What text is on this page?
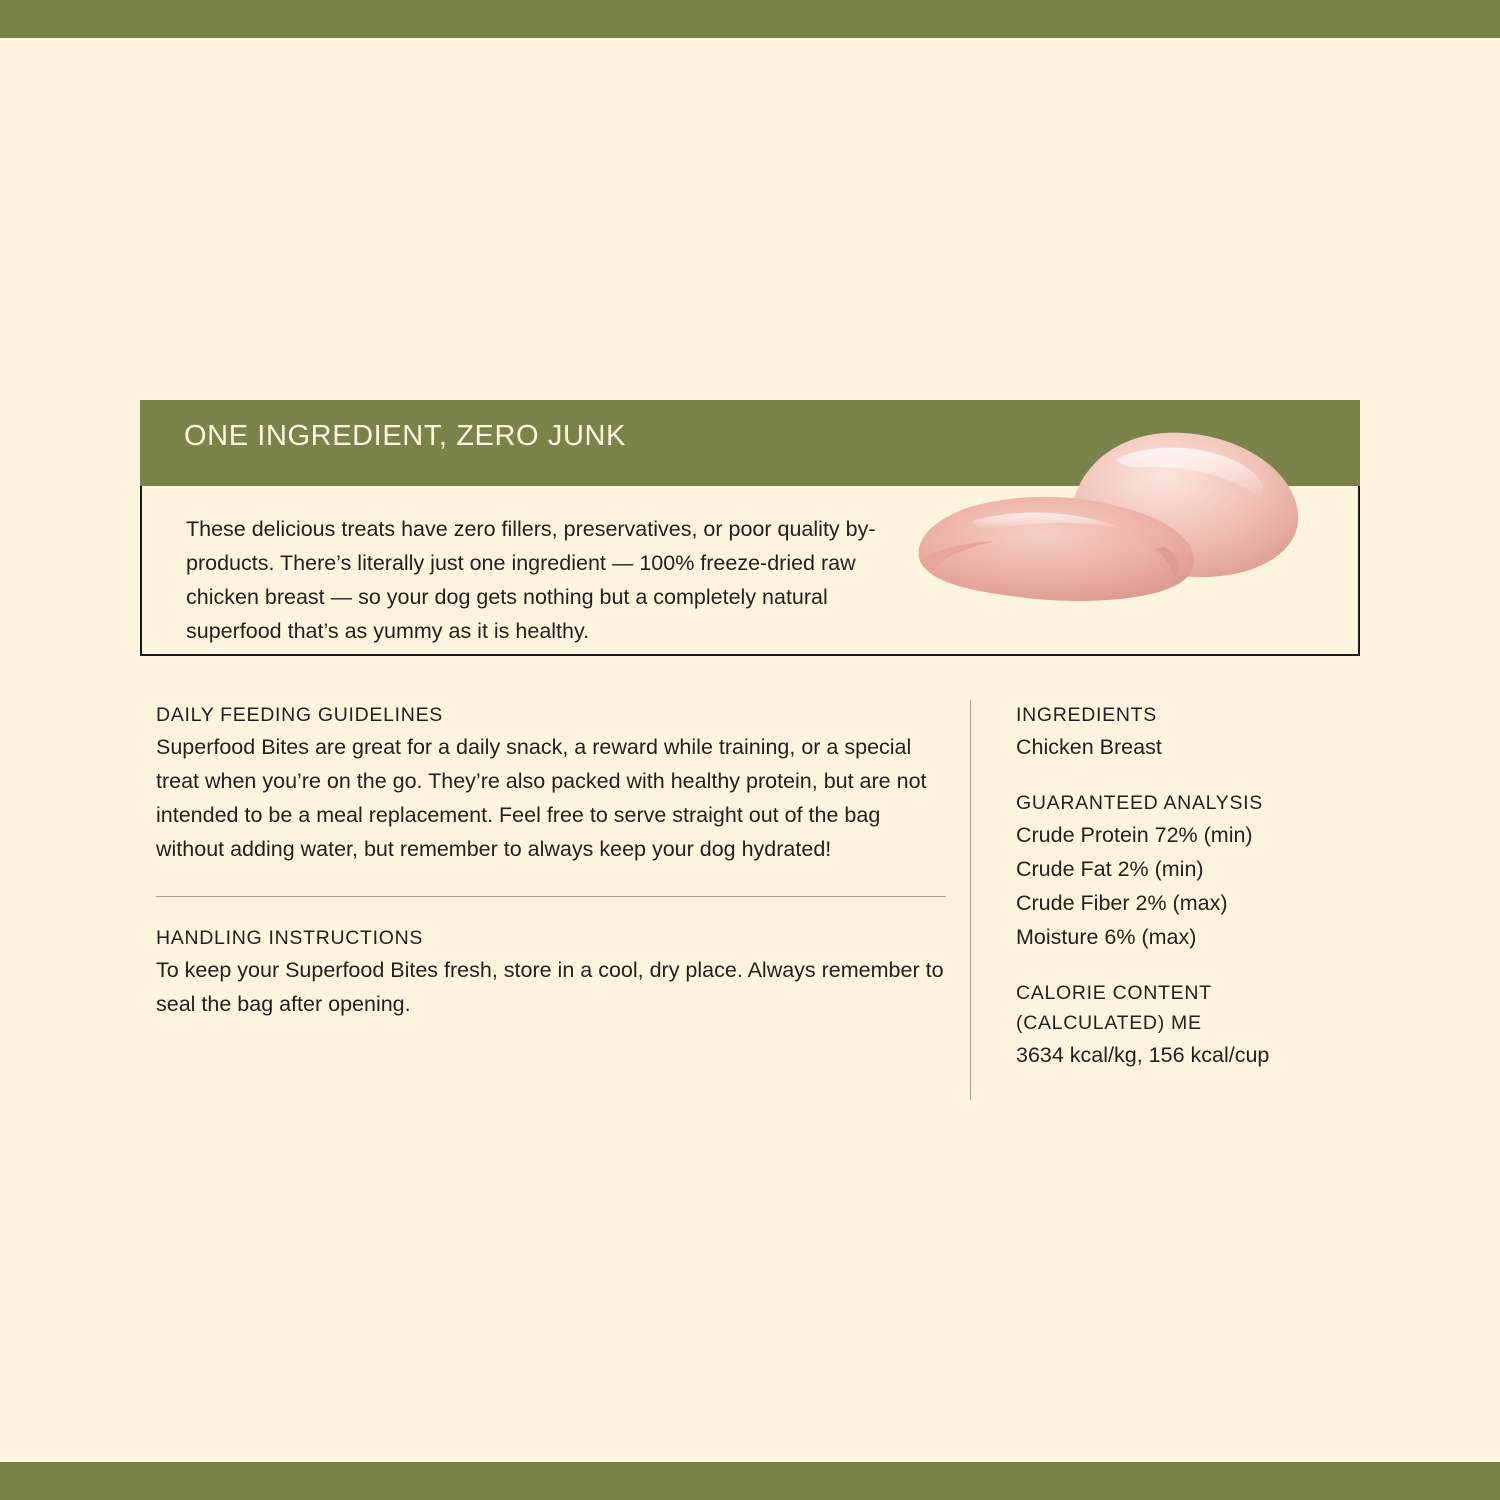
ONE INGREDIENT, ZERO JUNK
These delicious treats have zero fillers, preservatives, or poor quality by-products. There’s literally just one ingredient — 100% freeze-dried raw chicken breast — so your dog gets nothing but a completely natural superfood that’s as yummy as it is healthy.
DAILY FEEDING GUIDELINES
Superfood Bites are great for a daily snack, a reward while training, or a special treat when you’re on the go. They’re also packed with healthy protein, but are not intended to be a meal replacement. Feel free to serve straight out of the bag without adding water, but remember to always keep your dog hydrated!
HANDLING INSTRUCTIONS
To keep your Superfood Bites fresh, store in a cool, dry place. Always remember to seal the bag after opening.
INGREDIENTS
Chicken Breast
GUARANTEED ANALYSIS
Crude Protein 72% (min)
Crude Fat 2% (min)
Crude Fiber 2% (max)
Moisture 6% (max)
CALORIE CONTENT
(CALCULATED) ME
3634 kcal/kg, 156 kcal/cup
